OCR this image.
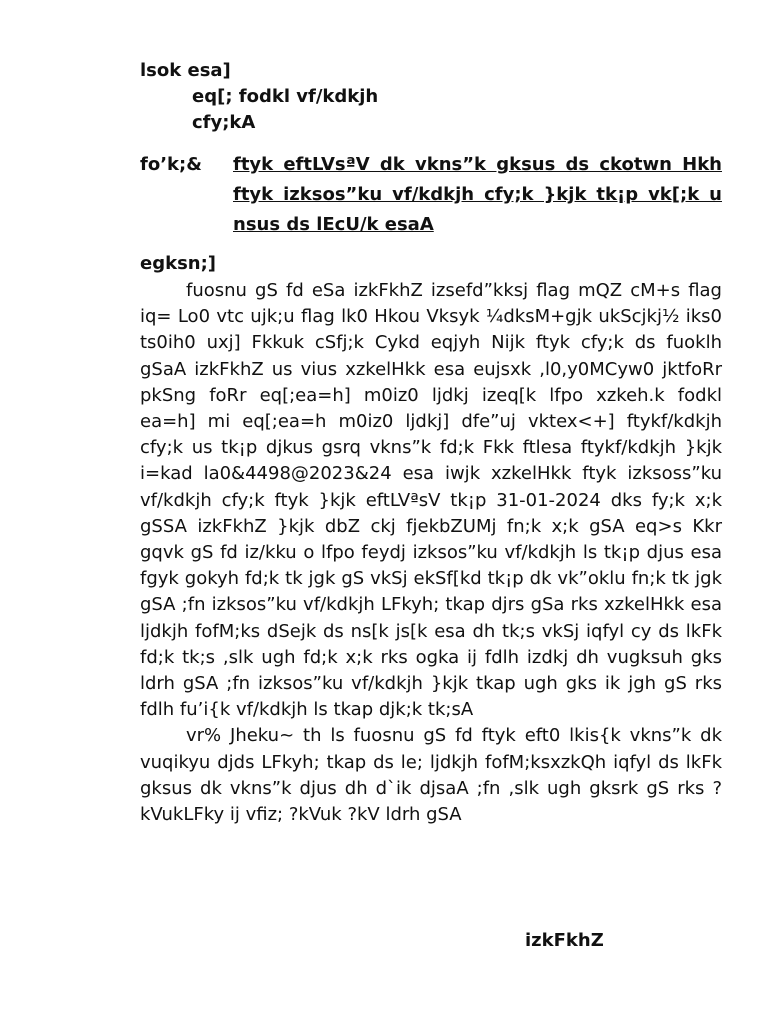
lsok esa]
eq[; fodkl vf/kdkjh
cfy;kA
fo’k;&	ftyk eftLVsªV dk vkns”k gksus ds ckotwn Hkh ftyk izksos”ku vf/kdkjh cfy;k }kjk tk¡p vk[;k u nsus ds lEcU/k esaA
egksn;]

fuosnu gS fd eSa izkFkhZ izsefd”kksj flag mQZ cM+s flag iq= Lo0 vtc ujk;u flag lk0 Hkou Vksyk ¼dksM+gjk ukScjkj½ iks0 ts0ih0 uxj] Fkkuk cSfj;k Cykd eqjyh Nijk ftyk cfy;k ds fuoklh gSaA izkFkhZ us vius xzkelHkk esa eujsxk ,l0,y0MCyw0 jktfoRr pkSng foRr eq[;ea=h] m0iz0 ljdkj izeq[k lfpo xzkeh.k fodkl ea=h] mi eq[;ea=h m0iz0 ljdkj] dfe”uj vktex<+] ftykf/kdkjh cfy;k us tk¡p djkus gsrq vkns”k fd;k Fkk ftlesa ftykf/kdkjh }kjk i=kad la0&4498@2023&24 esa iwjk xzkelHkk ftyk izksoss”ku vf/kdkjh cfy;k ftyk }kjk eftLVªsV tk¡p 31-01-2024 dks fy;k x;k gSSA izkFkhZ }kjk dbZ ckj fjekbZUMj fn;k x;k gSA eq>s Kkr gqvk gS fd iz/kku o lfpo feydj izksos”ku vf/kdkjh ls tk¡p djus esa fgyk gokyh fd;k tk jgk gS vkSj ekSf[kd tk¡p dk vk”oklu fn;k tk jgk gSA ;fn izksos”ku vf/kdkjh LFkyh; tkap djrs gSa rks xzkelHkk esa ljdkjh fofM;ks dSejk ds ns[k js[k esa dh tk;s vkSj iqfyl cy ds lkFk fd;k tk;s ,slk ugh fd;k x;k rks ogka ij fdlh izdkj dh vugksuh gks ldrh gSA ;fn izksos”ku vf/kdkjh }kjk tkap ugh gks ik jgh gS rks fdlh fu’i{k vf/kdkjh ls tkap djk;k tk;sA

vr% Jheku~ th ls fuosnu gS fd ftyk eft0 lkis{k vkns”k dk vuqikyu djds LFkyh; tkap ds le; ljdkjh fofM;ksxzkQh iqfyl ds lkFk gksus dk vkns”k djus dh d`ik djsaA ;fn ,slk ugh gksrk gS rks ?kVukLFky ij vfiz; ?kVuk ?kV ldrh gSA

izkFkhZ
